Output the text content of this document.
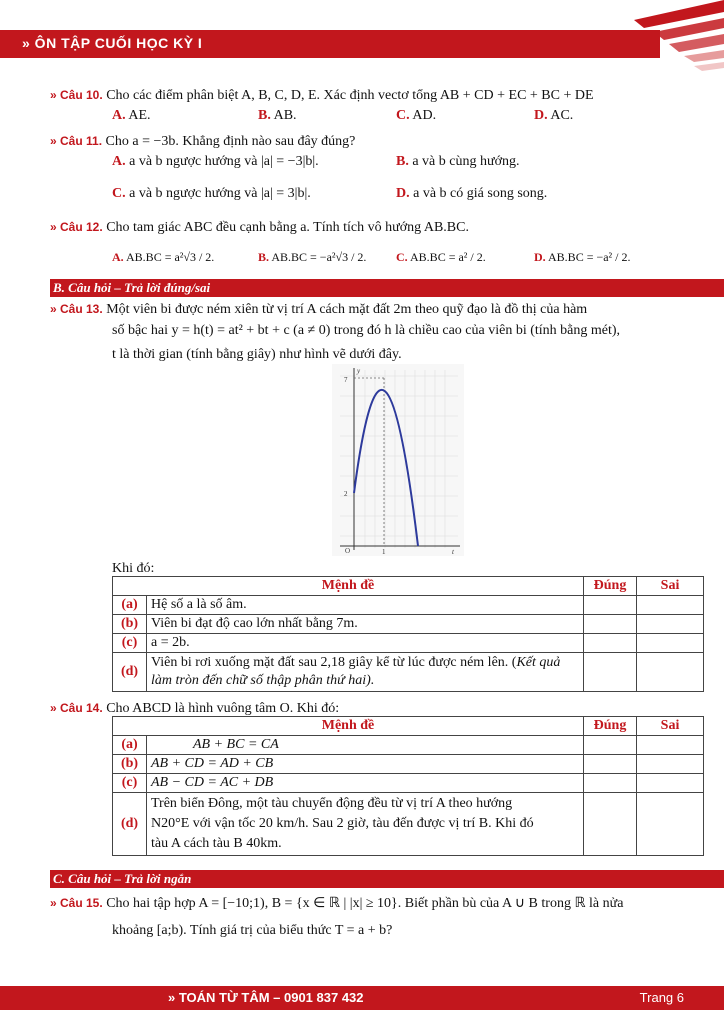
» ÔN TẬP CUỐI HỌC KỲ I
» Câu 10. Cho các điểm phân biệt A, B, C, D, E. Xác định vectơ tổng AB + CD + EC + BC + DE
A. AE.	B. AB.	C. AD.	D. AC.
» Câu 11. Cho a = −3b. Khẳng định nào sau đây đúng?
A. a và b ngược hướng và |a| = −3|b|.	B. a và b cùng hướng.
C. a và b ngược hướng và |a| = 3|b|.	D. a và b có giá song song.
» Câu 12. Cho tam giác ABC đều cạnh bằng a. Tính tích vô hướng AB.BC.
A. AB.BC = a²√3 / 2.	B. AB.BC = −a²√3 / 2. C. AB.BC = a² / 2.	D. AB.BC = −a² / 2.
B. Câu hỏi – Trả lời đúng/sai
» Câu 13. Một viên bi được ném xiên từ vị trí A cách mặt đất 2m theo quỹ đạo là đồ thị của hàm
số bậc hai y = h(t) = at² + bt + c (a ≠ 0) trong đó h là chiều cao của viên bi (tính bằng mét),
t là thời gian (tính bằng giây) như hình vẽ dưới đây.
7
2
O	1
y
t
Khi đó:
Mệnh đề		Đúng	Sai
(a)	Hệ số a là số âm.		
(b)	Viên bi đạt độ cao lớn nhất bằng 7m.		
(c)	a = 2b.		
(d)	Viên bi rơi xuống mặt đất sau 2,18 giây kể từ lúc được ném lên. (Kết quả làm tròn đến chữ số thập phân thứ hai).		
» Câu 14. Cho ABCD là hình vuông tâm O. Khi đó:
Mệnh đề		Đúng	Sai
(a)	AB + BC = CA		
(b)	AB + CD = AD + CB		
(c)	AB − CD = AC + DB		
(d)	Trên biển Đông, một tàu chuyển động đều từ vị trí A theo hướng
N20°E với vận tốc 20 km/h. Sau 2 giờ, tàu đến được vị trí B. Khi đó
tàu A cách tàu B 40km.		

C. Câu hỏi – Trả lời ngắn
» Câu 15. Cho hai tập hợp A = [−10;1), B = {x ∈ ℝ | |x| ≥ 10}. Biết phần bù của A ∪ B trong ℝ là nửa
khoảng [a;b). Tính giá trị của biểu thức T = a + b?
» TOÁN TỪ TÂM – 0901 837 432	Trang 6
